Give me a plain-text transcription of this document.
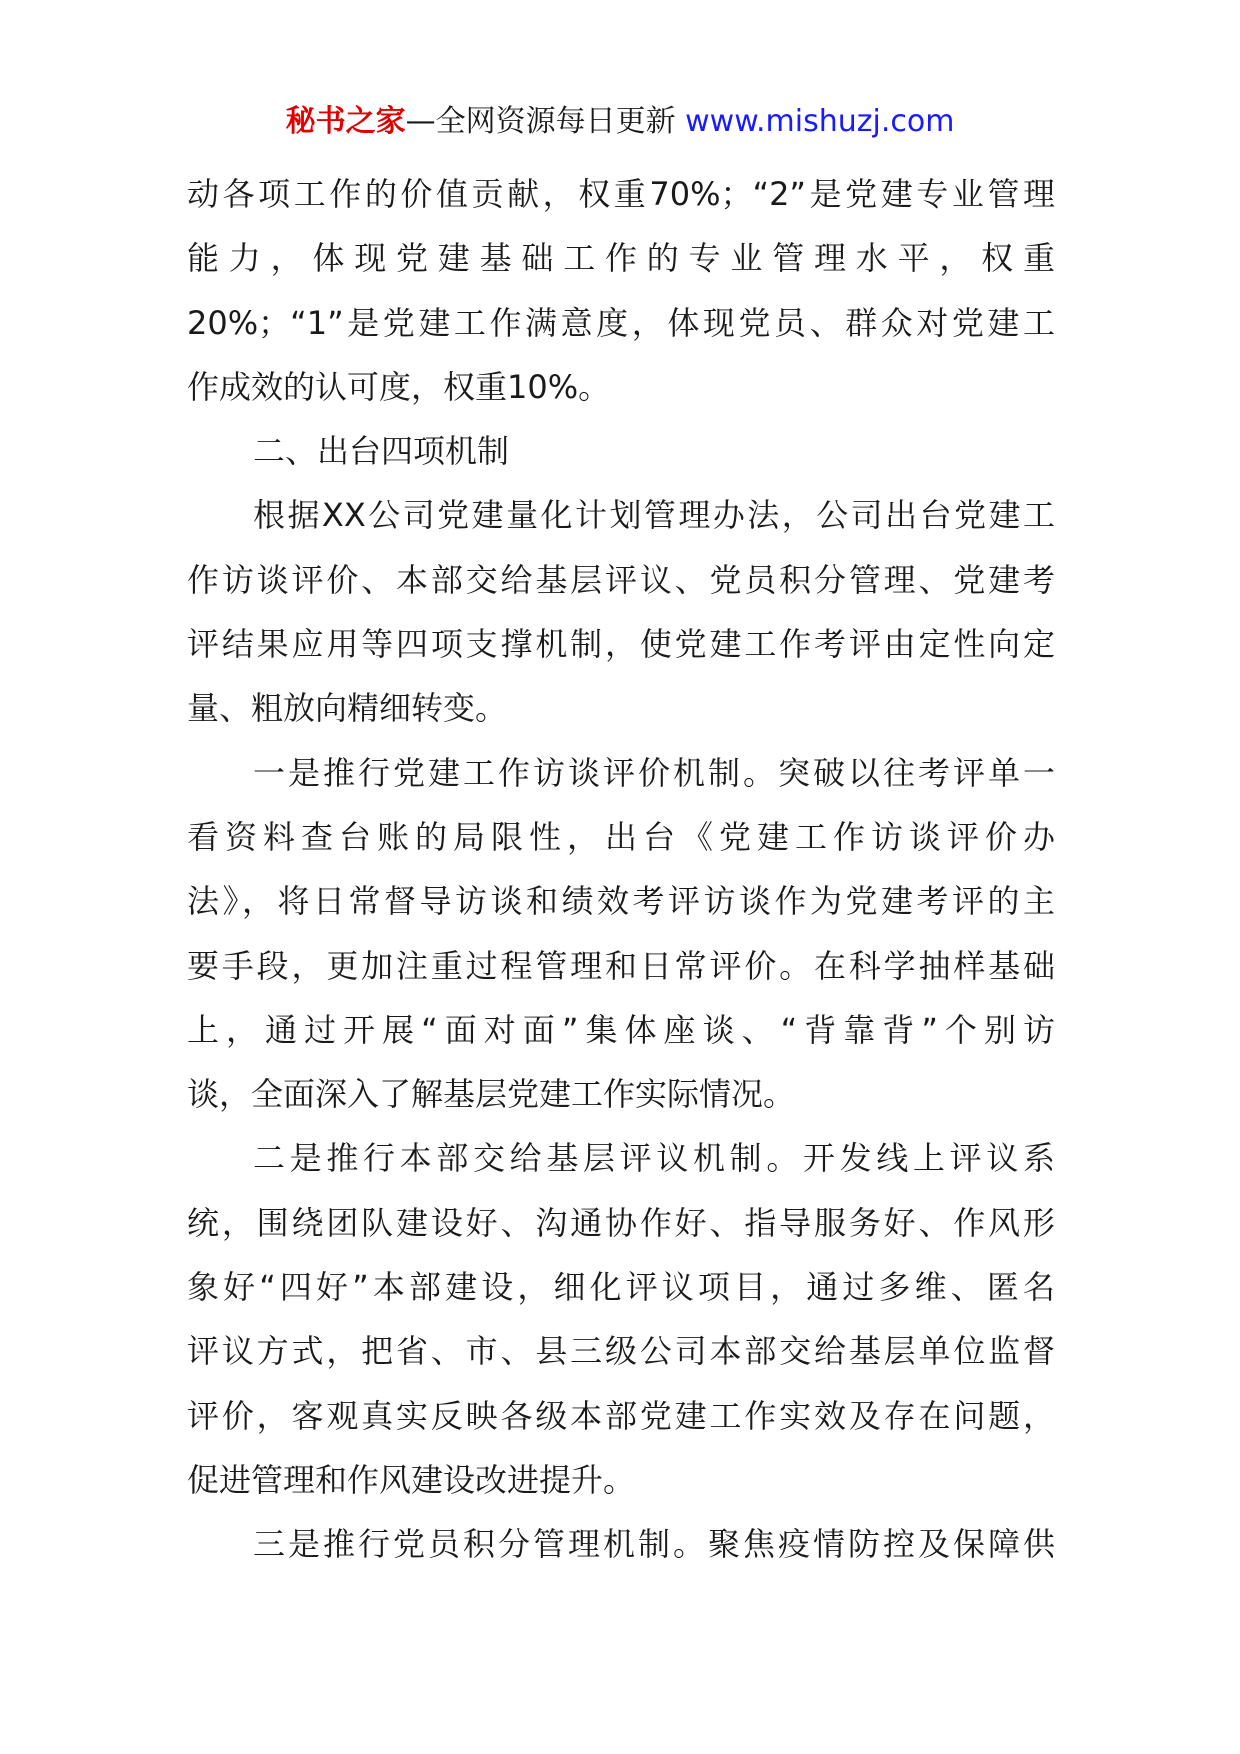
秘书之家—全网资源每日更新 www.mishuzj.com
动各项工作的价值贡献，权重70%；“2”是党建专业管理
能力，体现党建基础工作的专业管理水平，权重
20%；“1”是党建工作满意度，体现党员、群众对党建工
作成效的认可度，权重10%。
二、出台四项机制
根据XX公司党建量化计划管理办法，公司出台党建工
作访谈评价、本部交给基层评议、党员积分管理、党建考
评结果应用等四项支撑机制，使党建工作考评由定性向定
量、粗放向精细转变。
一是推行党建工作访谈评价机制。突破以往考评单一
看资料查台账的局限性，出台《党建工作访谈评价办
法》，将日常督导访谈和绩效考评访谈作为党建考评的主
要手段，更加注重过程管理和日常评价。在科学抽样基础
上，通过开展“面对面”集体座谈、“背靠背”个别访
谈，全面深入了解基层党建工作实际情况。
二是推行本部交给基层评议机制。开发线上评议系
统，围绕团队建设好、沟通协作好、指导服务好、作风形
象好“四好”本部建设，细化评议项目，通过多维、匿名
评议方式，把省、市、县三级公司本部交给基层单位监督
评价，客观真实反映各级本部党建工作实效及存在问题，
促进管理和作风建设改进提升。
三是推行党员积分管理机制。聚焦疫情防控及保障供
